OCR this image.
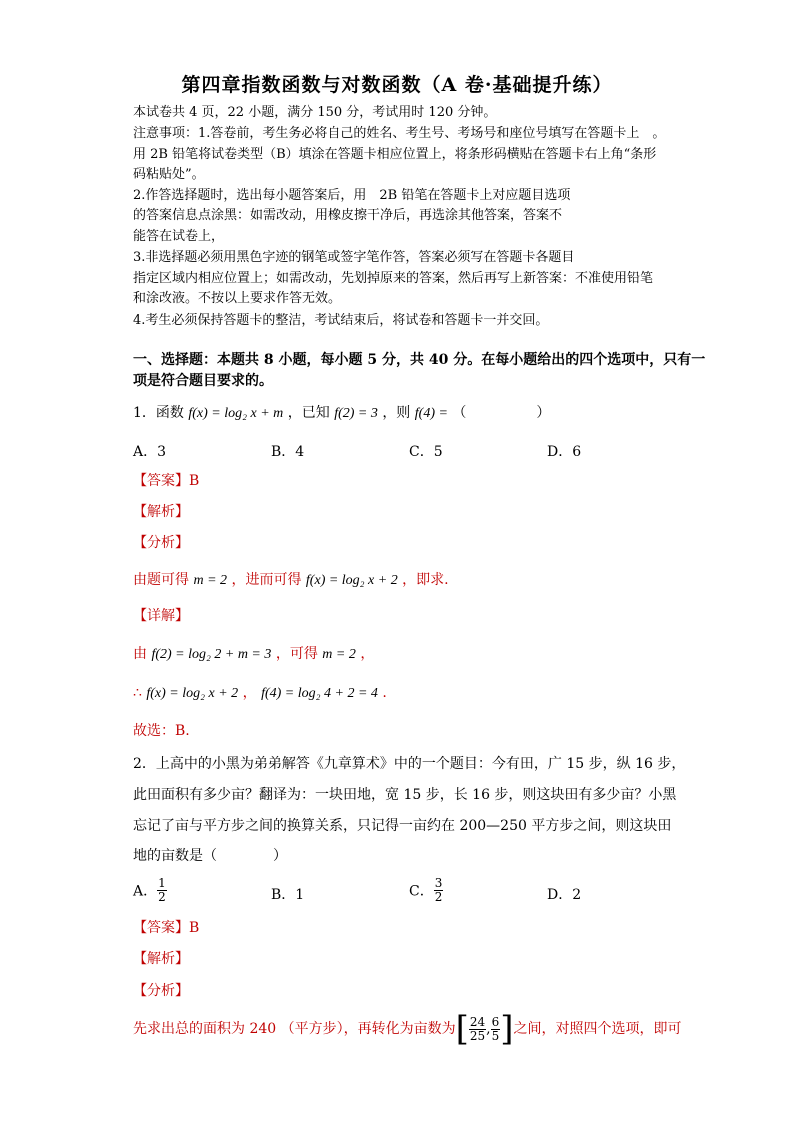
第四章指数函数与对数函数（A 卷·基础提升练）
本试卷共 4 页，22 小题，满分 150 分，考试用时 120 分钟。
注意事项：1.答卷前，考生务必将自己的姓名、考生号、考场号和座位号填写在答题卡上　。
用 2B 铅笔将试卷类型（B）填涂在答题卡相应位置上，将条形码横贴在答题卡右上角“条形
码粘贴处”。
2.作答选择题时，选出每小题答案后，用　2B 铅笔在答题卡上对应题目选项
的答案信息点涂黑：如需改动，用橡皮擦干净后，再选涂其他答案，答案不
能答在试卷上，
3.非选择题必须用黑色字迹的钢笔或签字笔作答，答案必须写在答题卡各题目
指定区域内相应位置上；如需改动，先划掉原来的答案，然后再写上新答案：不准使用铅笔
和涂改液。不按以上要求作答无效。
4.考生必须保持答题卡的整洁，考试结束后，将试卷和答题卡一并交回。
一、选择题：本题共 8 小题，每小题 5 分，共 40 分。在每小题给出的四个选项中，只有一
项是符合题目要求的。
1．函数 f(x) = log₂ x + m ，已知 f(2) = 3 ，则 f(4) = （　　　　　）
A．3	B．4	C．5	D．6
【答案】B
【解析】
【分析】
由题可得 m = 2 ，进而可得 f(x) = log₂ x + 2 ，即求.
【详解】
由 f(2) = log₂ 2 + m = 3 ，可得 m = 2 ，
∴ f(x) = log₂ x + 2 ， f(4) = log₂ 4 + 2 = 4 .
故选：B.
2．上高中的小黑为弟弟解答《九章算术》中的一个题目：今有田，广 15 步，纵 16 步，
此田面积有多少亩？翻译为：一块田地，宽 15 步，长 16 步，则这块田有多少亩？小黑
忘记了亩与平方步之间的换算关系，只记得一亩约在 200—250 平方步之间，则这块田
地的亩数是（　　　　）
A． $\frac{1}{2}$	B．1	C． $\frac{3}{2}$	D．2
【答案】B
【解析】
【分析】
先求出总的面积为 240 （平方步），再转化为亩数为[ $\frac{24}{25}$ , $\frac{6}{5}$ ]之间，对照四个选项，即可
